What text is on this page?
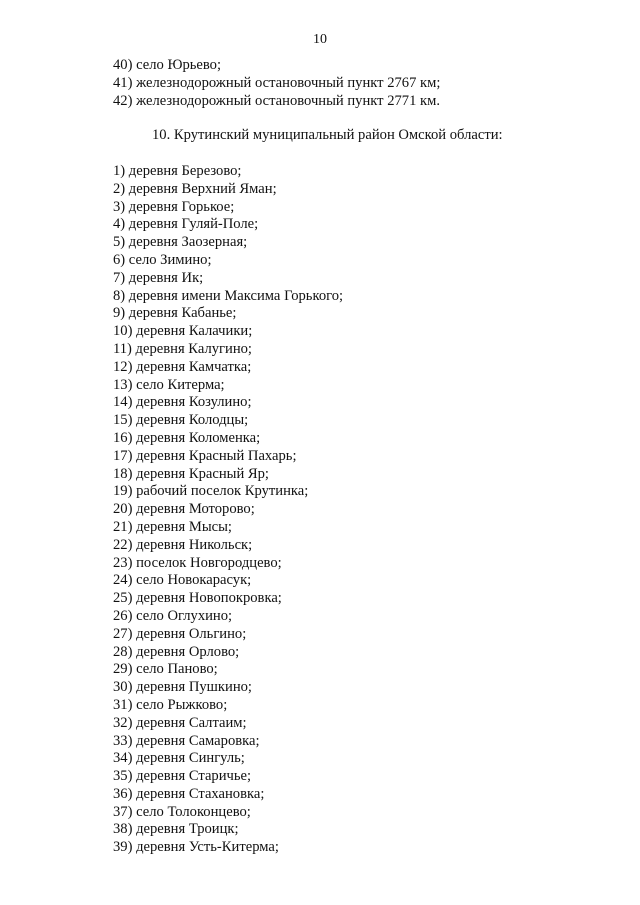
10
40) село Юрьево;
41) железнодорожный остановочный пункт 2767 км;
42) железнодорожный остановочный пункт 2771 км.
10. Крутинский муниципальный район Омской области:
1) деревня Березово;
2) деревня Верхний Яман;
3) деревня Горькое;
4) деревня Гуляй-Поле;
5) деревня Заозерная;
6) село Зимино;
7) деревня Ик;
8) деревня имени Максима Горького;
9) деревня Кабанье;
10) деревня Калачики;
11) деревня Калугино;
12) деревня Камчатка;
13) село Китерма;
14) деревня Козулино;
15) деревня Колодцы;
16) деревня Коломенка;
17) деревня Красный Пахарь;
18) деревня Красный Яр;
19) рабочий поселок Крутинка;
20) деревня Моторово;
21) деревня Мысы;
22) деревня Никольск;
23) поселок Новгородцево;
24) село Новокарасук;
25) деревня Новопокровка;
26) село Оглухино;
27) деревня Ольгино;
28) деревня Орлово;
29) село Паново;
30) деревня Пушкино;
31) село Рыжково;
32) деревня Салтаим;
33) деревня Самаровка;
34) деревня Сингуль;
35) деревня Старичье;
36) деревня Стахановка;
37) село Толоконцево;
38) деревня Троицк;
39) деревня Усть-Китерма;
